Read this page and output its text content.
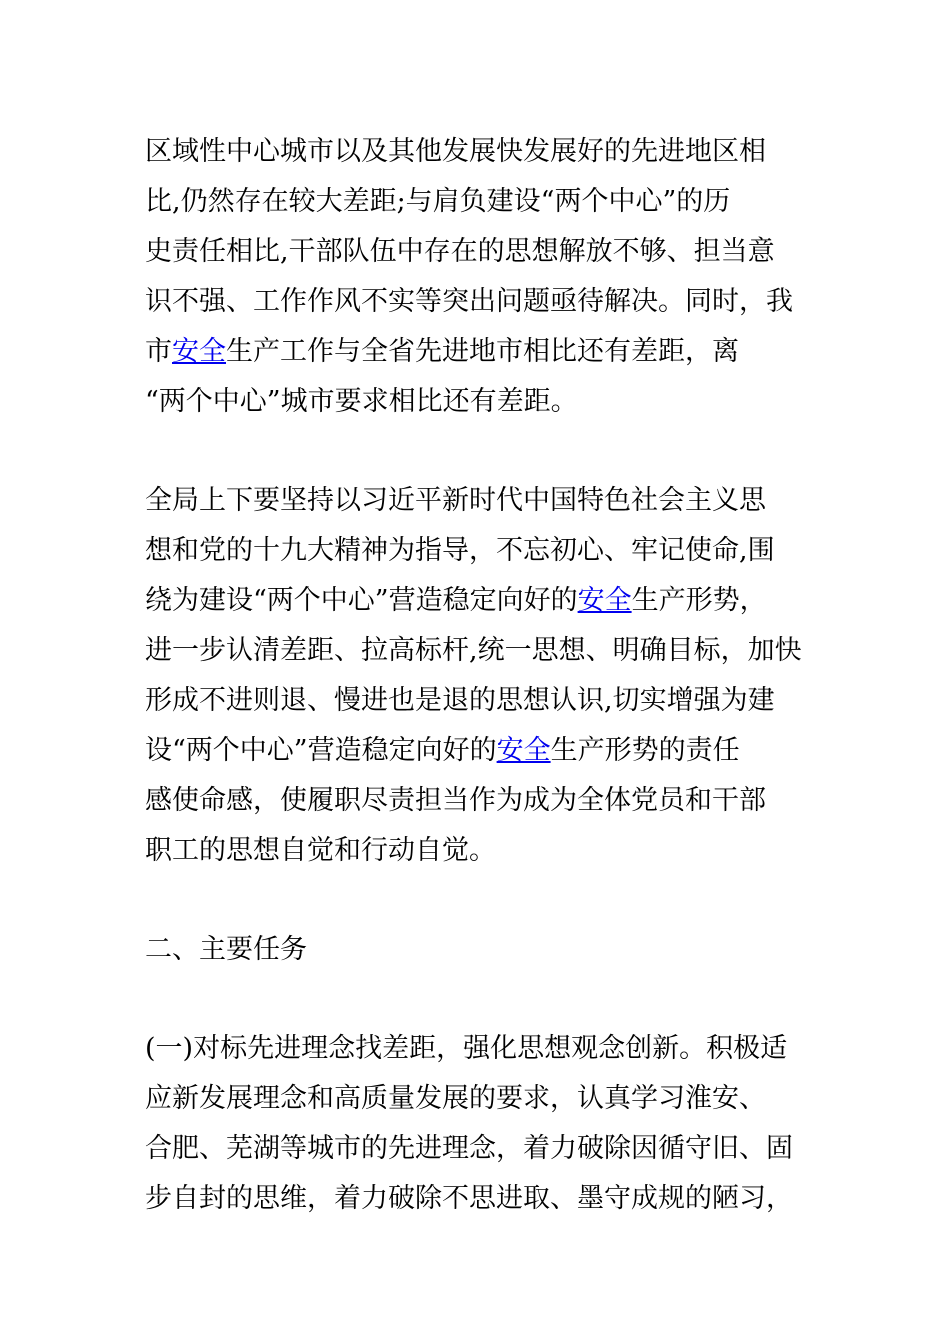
区域性中心城市以及其他发展快发展好的先进地区相
比,仍然存在较大差距;与肩负建设“两个中心”的历
史责任相比,干部队伍中存在的思想解放不够、担当意
识不强、工作作风不实等突出问题亟待解决。同时，我
市安全生产工作与全省先进地市相比还有差距，离
“两个中心”城市要求相比还有差距。
全局上下要坚持以习近平新时代中国特色社会主义思
想和党的十九大精神为指导，不忘初心、牢记使命,围
绕为建设“两个中心”营造稳定向好的安全生产形势，
进一步认清差距、拉高标杆,统一思想、明确目标，加快
形成不进则退、慢进也是退的思想认识,切实增强为建
设“两个中心”营造稳定向好的安全生产形势的责任
感使命感，使履职尽责担当作为成为全体党员和干部
职工的思想自觉和行动自觉。
二、主要任务
(一)对标先进理念找差距，强化思想观念创新。积极适
应新发展理念和高质量发展的要求，认真学习淮安、
合肥、芜湖等城市的先进理念，着力破除因循守旧、固
步自封的思维，着力破除不思进取、墨守成规的陋习，
